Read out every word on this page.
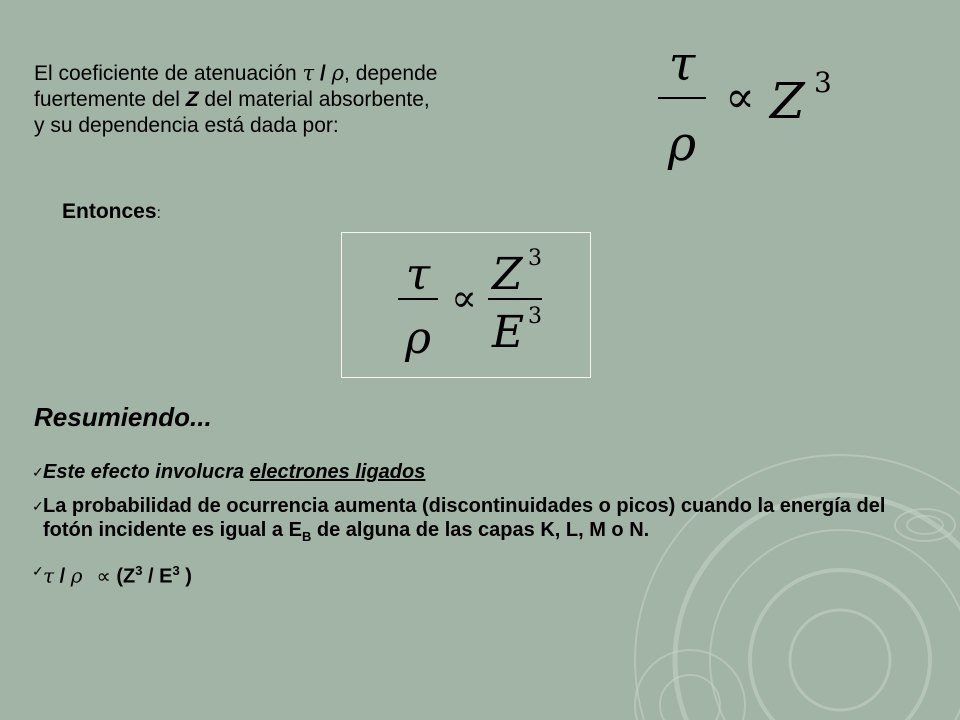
El coeficiente de atenuación τ / ρ, depende
fuertemente del Z del material absorbente,
y su dependencia está dada por:
τ
ρ
∝ Z 3
Entonces:
τ
ρ
∝ Z 3
E 3
Resumiendo...
✓ Este efecto involucra electrones ligados
✓ La probabilidad de ocurrencia aumenta (discontinuidades o picos) cuando la energía del fotón incidente es igual a $E_B$ de alguna de las capas K, L, M o N.
✓ $\tau / \rho \propto (Z^3 / E^3$ )
